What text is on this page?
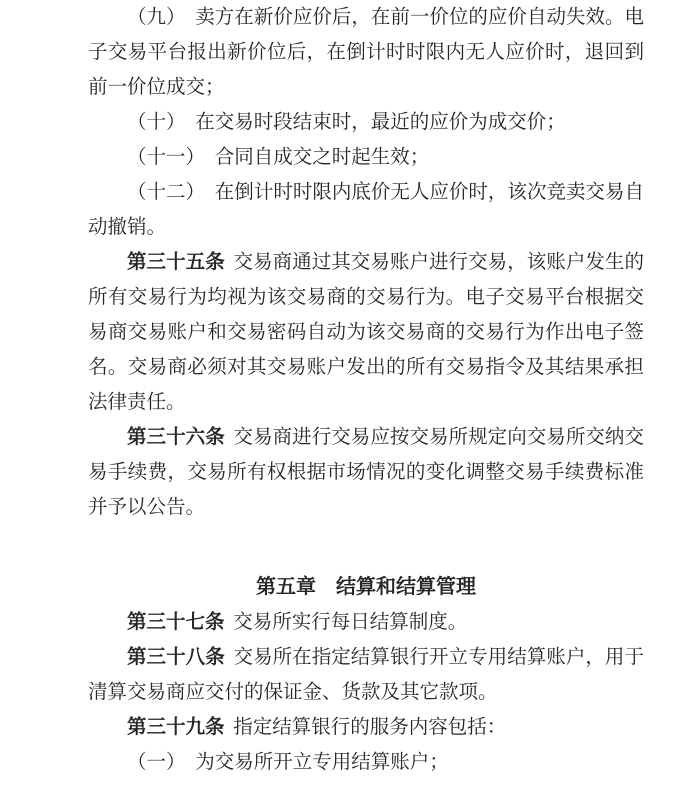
（九）　卖方在新价应价后，在前一价位的应价自动失效。电子交易平台报出新价位后，在倒计时时限内无人应价时，退回到前一价位成交；

（十）　在交易时段结束时，最近的应价为成交价；

（十一）　合同自成交之时起生效；

（十二）　在倒计时时限内底价无人应价时，该次竞卖交易自动撤销。

第三十五条 交易商通过其交易账户进行交易，该账户发生的所有交易行为均视为该交易商的交易行为。电子交易平台根据交易商交易账户和交易密码自动为该交易商的交易行为作出电子签名。交易商必须对其交易账户发出的所有交易指令及其结果承担法律责任。

第三十六条 交易商进行交易应按交易所规定向交易所交纳交易手续费，交易所有权根据市场情况的变化调整交易手续费标准并予以公告。

第五章　结算和结算管理

第三十七条 交易所实行每日结算制度。

第三十八条 交易所在指定结算银行开立专用结算账户，用于清算交易商应交付的保证金、货款及其它款项。

第三十九条 指定结算银行的服务内容包括：

（一）　为交易所开立专用结算账户；
